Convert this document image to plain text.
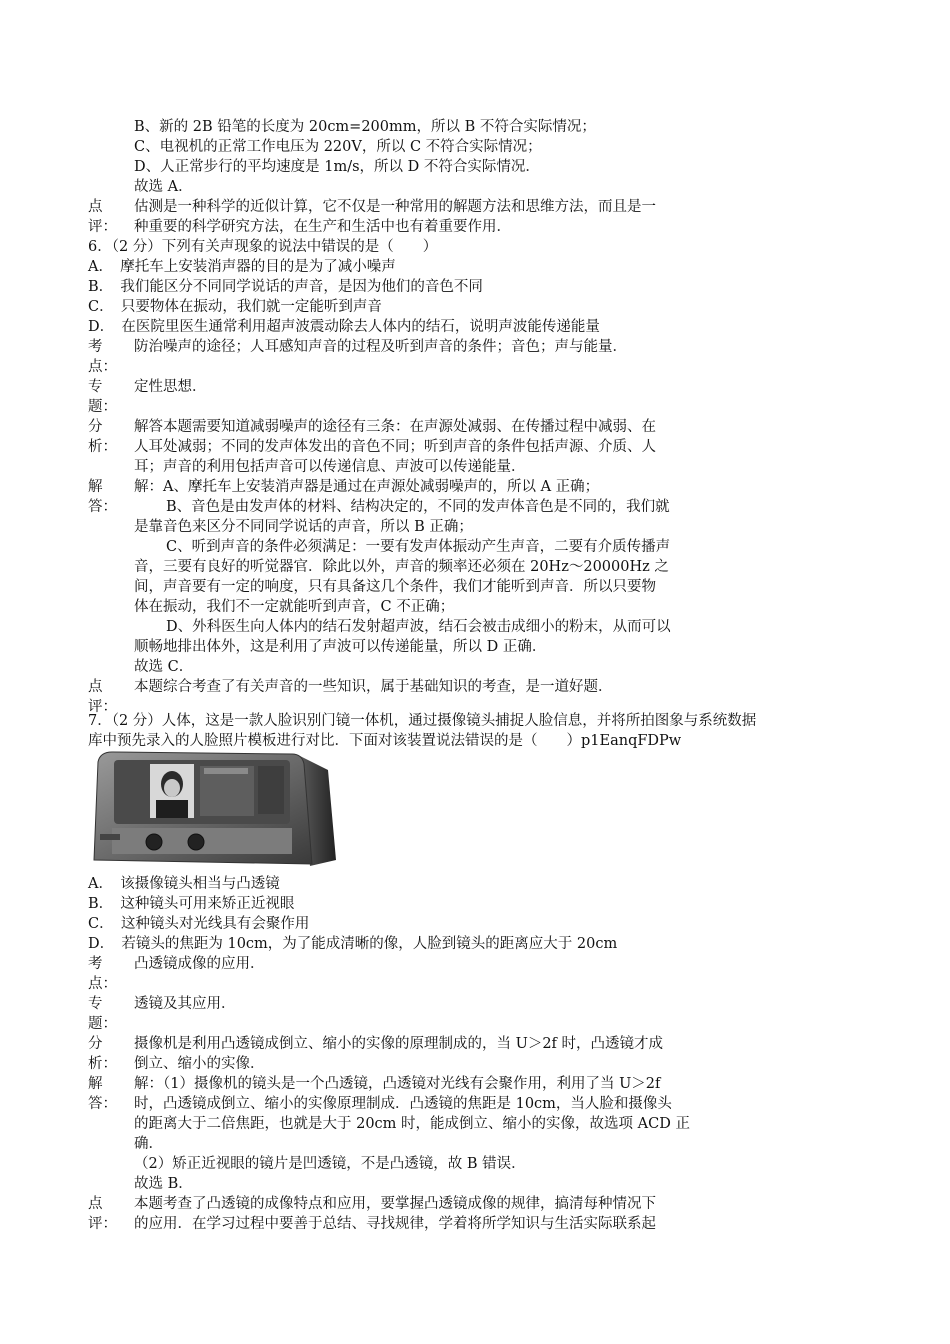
B、新的 2B 铅笔的长度为 20cm=200mm，所以 B 不符合实际情况；
C、电视机的正常工作电压为 220V，所以 C 不符合实际情况；
D、人正常步行的平均速度是 1m/s，所以 D 不符合实际情况．
故选 A．
点 估测是一种科学的近似计算，它不仅是一种常用的解题方法和思维方法，而且是一
评： 种重要的科学研究方法，在生产和生活中也有着重要作用．
6．（2 分）下列有关声现象的说法中错误的是（　　）
A．　摩托车上安装消声器的目的是为了减小噪声
B．　我们能区分不同同学说话的声音，是因为他们的音色不同
C．　只要物体在振动，我们就一定能听到声音
D．　在医院里医生通常利用超声波震动除去人体内的结石，说明声波能传递能量
考 防治噪声的途径；人耳感知声音的过程及听到声音的条件；音色；声与能量．
点：
专 定性思想．
题：
分 解答本题需要知道减弱噪声的途径有三条：在声源处减弱、在传播过程中减弱、在
析： 人耳处减弱；不同的发声体发出的音色不同；听到声音的条件包括声源、介质、人
耳；声音的利用包括声音可以传递信息、声波可以传递能量．
解 解：A、摩托车上安装消声器是通过在声源处减弱噪声的，所以 A 正确；
答：	B、音色是由发声体的材料、结构决定的，不同的发声体音色是不同的，我们就
是靠音色来区分不同同学说话的声音，所以 B 正确；
C、听到声音的条件必须满足：一要有发声体振动产生声音，二要有介质传播声
音，三要有良好的听觉器官．除此以外，声音的频率还必须在 20Hz～20000Hz 之
间，声音要有一定的响度，只有具备这几个条件，我们才能听到声音．所以只要物
体在振动，我们不一定就能听到声音，C 不正确；
D、外科医生向人体内的结石发射超声波，结石会被击成细小的粉末，从而可以
顺畅地排出体外，这是利用了声波可以传递能量，所以 D 正确．
故选 C．
点 本题综合考查了有关声音的一些知识，属于基础知识的考查，是一道好题．
评：
7．（2 分）人体，这是一款人脸识别门镜一体机，通过摄像镜头捕捉人脸信息，并将所拍图象与系统数据
库中预先录入的人脸照片模板进行对比．下面对该装置说法错误的是（　　）p1EanqFDPw
A．　该摄像镜头相当与凸透镜
B．　这种镜头可用来矫正近视眼
C．　这种镜头对光线具有会聚作用
D．　若镜头的焦距为 10cm，为了能成清晰的像，人脸到镜头的距离应大于 20cm
考 凸透镜成像的应用．
点：
专 透镜及其应用．
题：
分 摄像机是利用凸透镜成倒立、缩小的实像的原理制成的，当 U＞2f 时，凸透镜才成
析： 倒立、缩小的实像．
解 解：（1）摄像机的镜头是一个凸透镜，凸透镜对光线有会聚作用，利用了当 U＞2f
答： 时，凸透镜成倒立、缩小的实像原理制成．凸透镜的焦距是 10cm，当人脸和摄像头
的距离大于二倍焦距，也就是大于 20cm 时，能成倒立、缩小的实像，故选项 ACD 正
确．
（2）矫正近视眼的镜片是凹透镜，不是凸透镜，故 B 错误．
故选 B．
点 本题考查了凸透镜的成像特点和应用，要掌握凸透镜成像的规律，搞清每种情况下
评： 的应用．在学习过程中要善于总结、寻找规律，学着将所学知识与生活实际联系起
